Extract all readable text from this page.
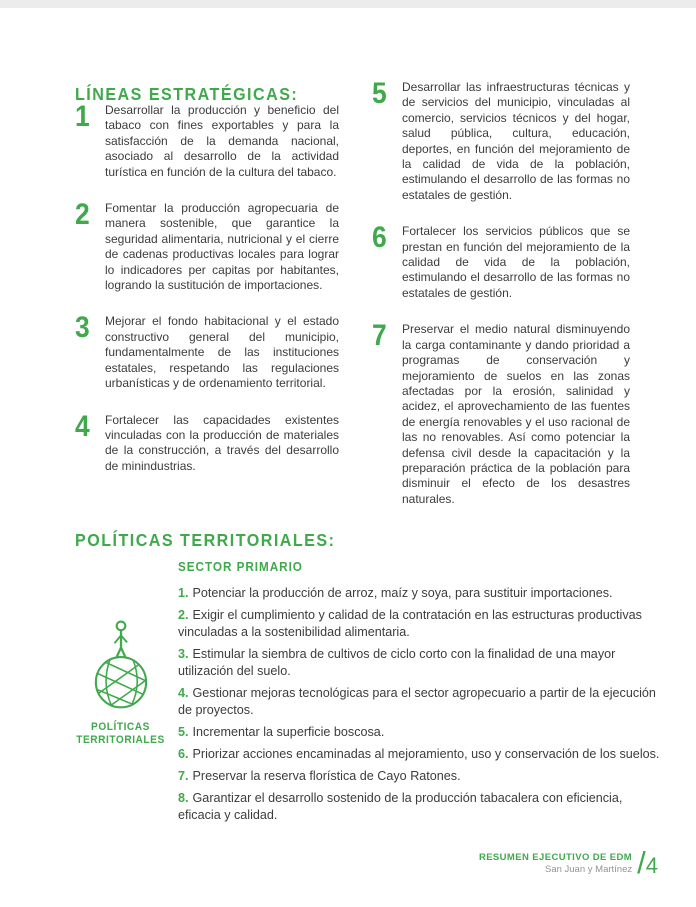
LÍNEAS ESTRATÉGICAS:
1	Desarrollar la producción y beneficio del tabaco con fines exportables y para la satisfacción de la demanda nacional, asociado al desarrollo de la actividad turística en función de la cultura del tabaco.
2	Fomentar la producción agropecuaria de manera sostenible, que garantice la seguridad alimentaria, nutricional y el cierre de cadenas productivas locales para lograr lo indicadores per capitas por habitantes, logrando la sustitución de importaciones.
3	Mejorar el fondo habitacional y el estado constructivo general del municipio, fundamentalmente de las instituciones estatales, respetando las regulaciones urbanísticas y de ordenamiento territorial.
4	Fortalecer las capacidades existentes vinculadas con la producción de materiales de la construcción, a través del desarrollo de minindustrias.
5	Desarrollar las infraestructuras técnicas y de servicios del municipio, vinculadas al comercio, servicios técnicos y del hogar, salud pública, cultura, educación, deportes, en función del mejoramiento de la calidad de vida de la población, estimulando el desarrollo de las formas no estatales de gestión.
6	Fortalecer los servicios públicos que se prestan en función del mejoramiento de la calidad de vida de la población, estimulando el desarrollo de las formas no estatales de gestión.
7	Preservar el medio natural disminuyendo la carga contaminante y dando prioridad a programas de conservación y mejoramiento de suelos en las zonas afectadas por la erosión, salinidad y acidez, el aprovechamiento de las fuentes de energía renovables y el uso racional de las no renovables. Así como potenciar la defensa civil desde la capacitación y la preparación práctica de la población para disminuir el efecto de los desastres naturales.
POLÍTICAS TERRITORIALES:
POLÍTICAS
TERRITORIALES
SECTOR PRIMARIO
1. Potenciar la producción de arroz, maíz y soya, para sustituir importaciones.
2. Exigir el cumplimiento y calidad de la contratación en las estructuras productivas vinculadas a la sostenibilidad alimentaria.
3. Estimular la siembra de cultivos de ciclo corto con la finalidad de una mayor utilización del suelo.
4. Gestionar mejoras tecnológicas para el sector agropecuario a partir de la ejecución de proyectos.
5. Incrementar la superficie boscosa.
6. Priorizar acciones encaminadas al mejoramiento, uso y conservación de los suelos.
7. Preservar la reserva florística de Cayo Ratones.
8. Garantizar el desarrollo sostenido de la producción tabacalera con eficiencia, eficacia y calidad.
RESUMEN EJECUTIVO DE EDM
San Juan y Martínez / 4
